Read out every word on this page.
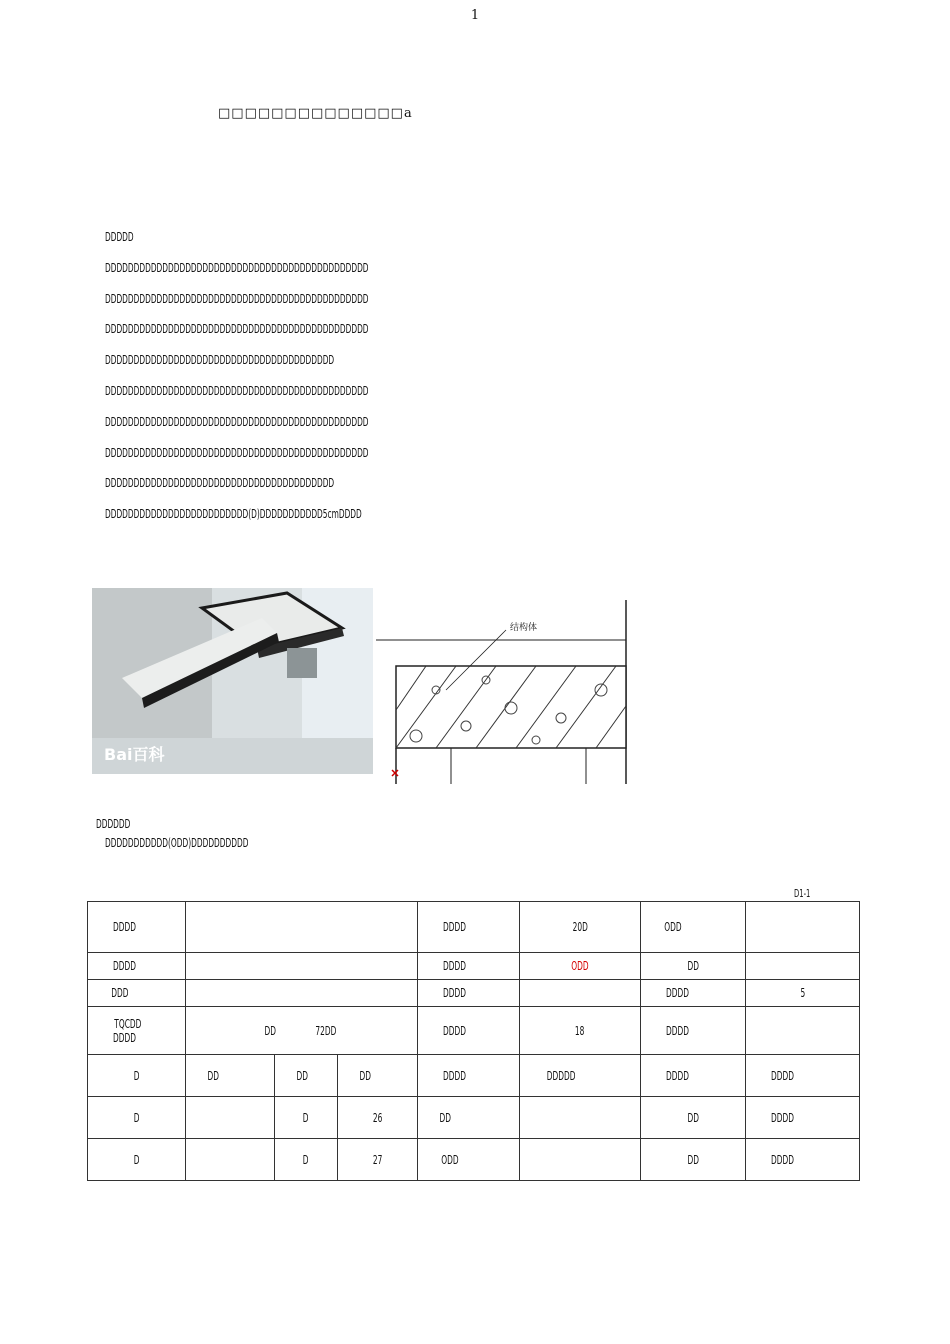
1
□□□□□□□□□□□□□□a
DDDDD
DDDDDDDDDDDDDDDDDDDDDDDDDDDDDDDDDDDDDDDDDDDDDD
DDDDDDDDDDDDDDDDDDDDDDDDDDDDDDDDDDDDDDDDDDDDDD
DDDDDDDDDDDDDDDDDDDDDDDDDDDDDDDDDDDDDDDDDDDDDD
DDDDDDDDDDDDDDDDDDDDDDDDDDDDDDDDDDDDDDDD
DDDDDDDDDDDDDDDDDDDDDDDDDDDDDDDDDDDDDDDDDDDDDD
DDDDDDDDDDDDDDDDDDDDDDDDDDDDDDDDDDDDDDDDDDDDDD
DDDDDDDDDDDDDDDDDDDDDDDDDDDDDDDDDDDDDDDDDDDDDD
DDDDDDDDDDDDDDDDDDDDDDDDDDDDDDDDDDDDDDDD
DDDDDDDDDDDDDDDDDDDDDDDDD(D)DDDDDDDDDDD5cmDDDD
Bai百科
结构体
DDDDDD
DDDDDDDDDDD(ODD)DDDDDDDDDD
D1-1
DDDD				DDDD	20D	ODD	
DDDD				DDDD	ODD	DD	
DDD				DDDD		DDDD	5
TQCDD
DDDD	DD 72DD			DDDD	18	DDDD	
D	DD	DD	DD	DDDD	DDDDD	DDDD	DDDD
D		D	26	DD		DD	DDDD
D		D	27	ODD		DD	DDDD
